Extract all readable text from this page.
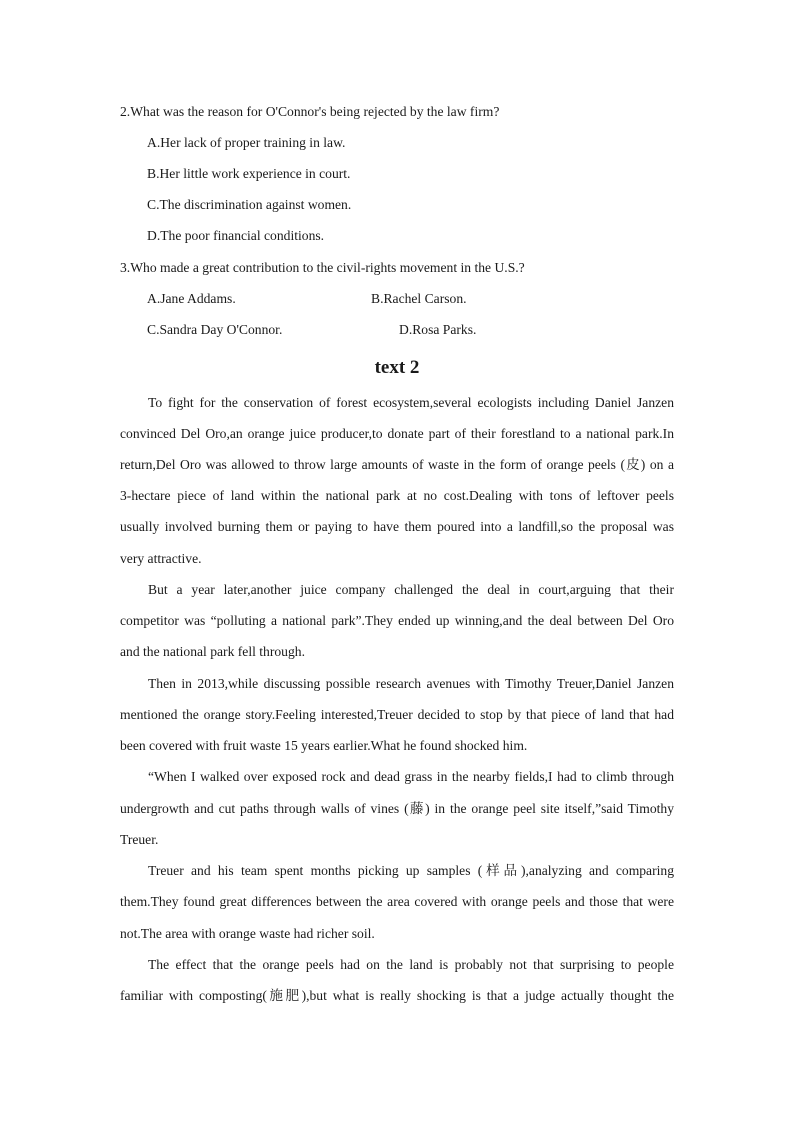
2.What was the reason for O'Connor's being rejected by the law firm?
A.Her lack of proper training in law.
B.Her little work experience in court.
C.The discrimination against women.
D.The poor financial conditions.
3.Who made a great contribution to the civil-rights movement in the U.S.?
A.Jane Addams.	B.Rachel Carson.
C.Sandra Day O'Connor.	D.Rosa Parks.
text 2
To fight for the conservation of forest ecosystem,several ecologists including Daniel Janzen
convinced Del Oro,an orange juice producer,to donate part of their forestland to a national park.In
return,Del Oro was allowed to throw large amounts of waste in the form of orange peels (皮) on a
3-hectare piece of land within the national park at no cost.Dealing with tons of leftover peels
usually involved burning them or paying to have them poured into a landfill,so the proposal was
very attractive.
But a year later,another juice company challenged the deal in court,arguing that their
competitor was “polluting a national park”.They ended up winning,and the deal between Del Oro
and the national park fell through.
Then in 2013,while discussing possible research avenues with Timothy Treuer,Daniel Janzen
mentioned the orange story.Feeling interested,Treuer decided to stop by that piece of land that had
been covered with fruit waste 15 years earlier.What he found shocked him.
“When I walked over exposed rock and dead grass in the nearby fields,I had to climb through
undergrowth and cut paths through walls of vines (藤) in the orange peel site itself,”said Timothy
Treuer.
Treuer and his team spent months picking up samples (样品),analyzing and comparing
them.They found great differences between the area covered with orange peels and those that were
not.The area with orange waste had richer soil.
The effect that the orange peels had on the land is probably not that surprising to people
familiar with composting(施肥),but what is really shocking is that a judge actually thought the
